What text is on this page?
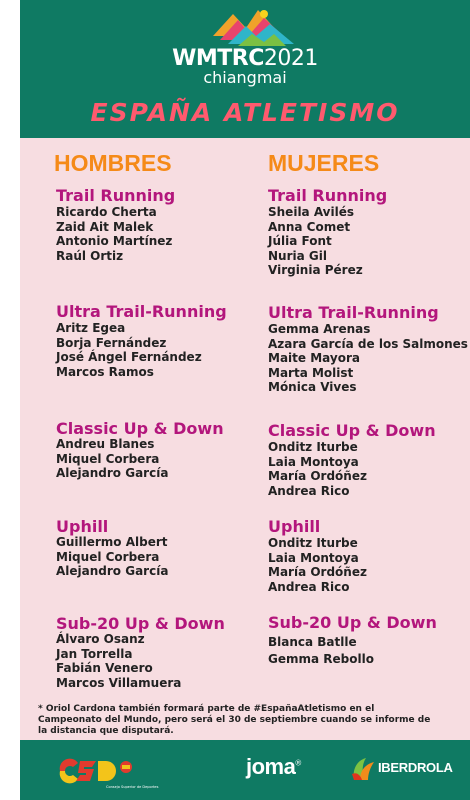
WMTRC2021
chiangmai
ESPAÑA ATLETISMO
HOMBRES	MUJERES
Trail Running
Ricardo Cherta
Zaid Ait Malek
Antonio Martínez
Raúl Ortiz
Ultra Trail-Running
Aritz Egea
Borja Fernández
José Ángel Fernández
Marcos Ramos
Classic Up & Down
Andreu Blanes
Miquel Corbera
Alejandro García
Uphill
Guillermo Albert
Miquel Corbera
Alejandro García
Sub-20 Up & Down
Álvaro Osanz
Jan Torrella
Fabián Venero
Marcos Villamuera
Trail Running
Sheila Avilés
Anna Comet
Júlia Font
Nuria Gil
Virginia Pérez
Ultra Trail-Running
Gemma Arenas
Azara García de los Salmones
Maite Mayora
Marta Molist
Mónica Vives
Classic Up & Down
Onditz Iturbe
Laia Montoya
María Ordóñez
Andrea Rico
Uphill
Onditz Iturbe
Laia Montoya
María Ordóñez
Andrea Rico
Sub-20 Up & Down
Blanca Batlle
Gemma Rebollo
* Oriol Cardona también formará parte de #EspañaAtletismo en el Campeonato del Mundo, pero será el 30 de septiembre cuando se informe de la distancia que disputará.
Consejo Superior de Deportes
joma®	IBERDROLA
